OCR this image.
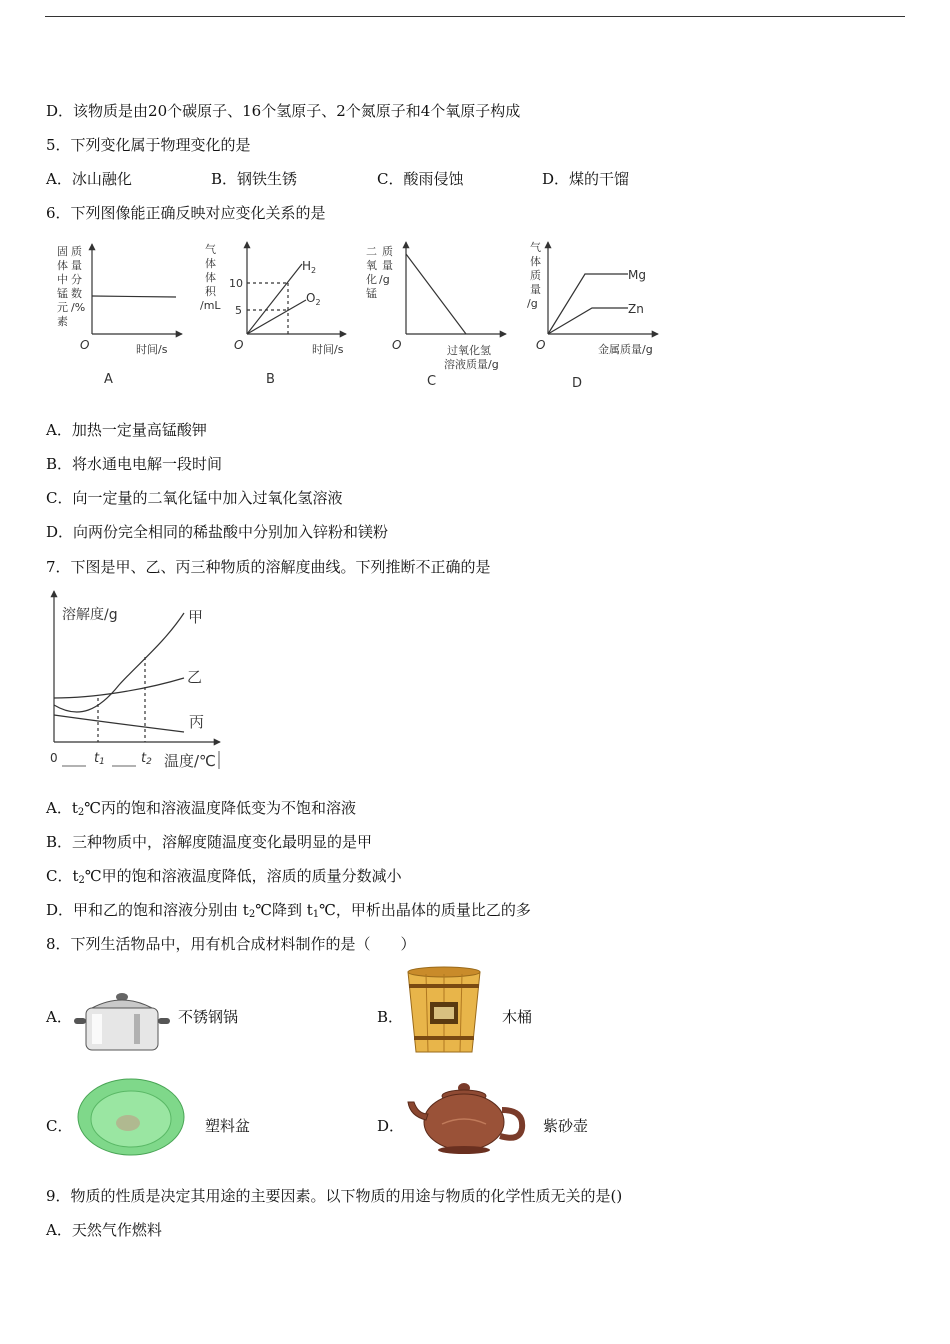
D．该物质是由20个碳原子、16个氢原子、2个氮原子和4个氧原子构成
5．下列变化属于物理变化的是
A．冰山融化	B．钢铁生锈	C．酸雨侵蚀	D．煤的干馏
6．下列图像能正确反映对应变化关系的是
固
体
中
锰
元
素
质
量
分
数
/%
O	时间/s
A
气
体
体
积
/mL
10
5
$H_2$
$O_2$
O	时间/s
B
二
氧
化
锰
质
量
/g
O	过氧化氢
溶液质量/g
C
气
体
质
量
/g
Mg
Zn
O	金属质量/g
D
A．加热一定量高锰酸钾
B．将水通电电解一段时间
C．向一定量的二氧化锰中加入过氧化氢溶液
D．向两份完全相同的稀盐酸中分别加入锌粉和镁粉
7．下图是甲、乙、丙三种物质的溶解度曲线。下列推断不正确的是
溶解度/g	甲
乙
丙
0	t1	t2 温度/℃
A．$t_2℃$丙的饱和溶液温度降低变为不饱和溶液
B．三种物质中，溶解度随温度变化最明显的是甲
C．$t_2℃$甲的饱和溶液温度降低，溶质的质量分数减小
D．甲和乙的饱和溶液分别由 $t_2℃$降到 $t_1℃$，甲析出晶体的质量比乙的多
8．下列生活物品中，用有机合成材料制作的是（　　）
A．	不锈钢锅	B．	木桶
C．	塑料盆	D．	紫砂壶
9．物质的性质是决定其用途的主要因素。以下物质的用途与物质的化学性质无关的是()
A．天然气作燃料
